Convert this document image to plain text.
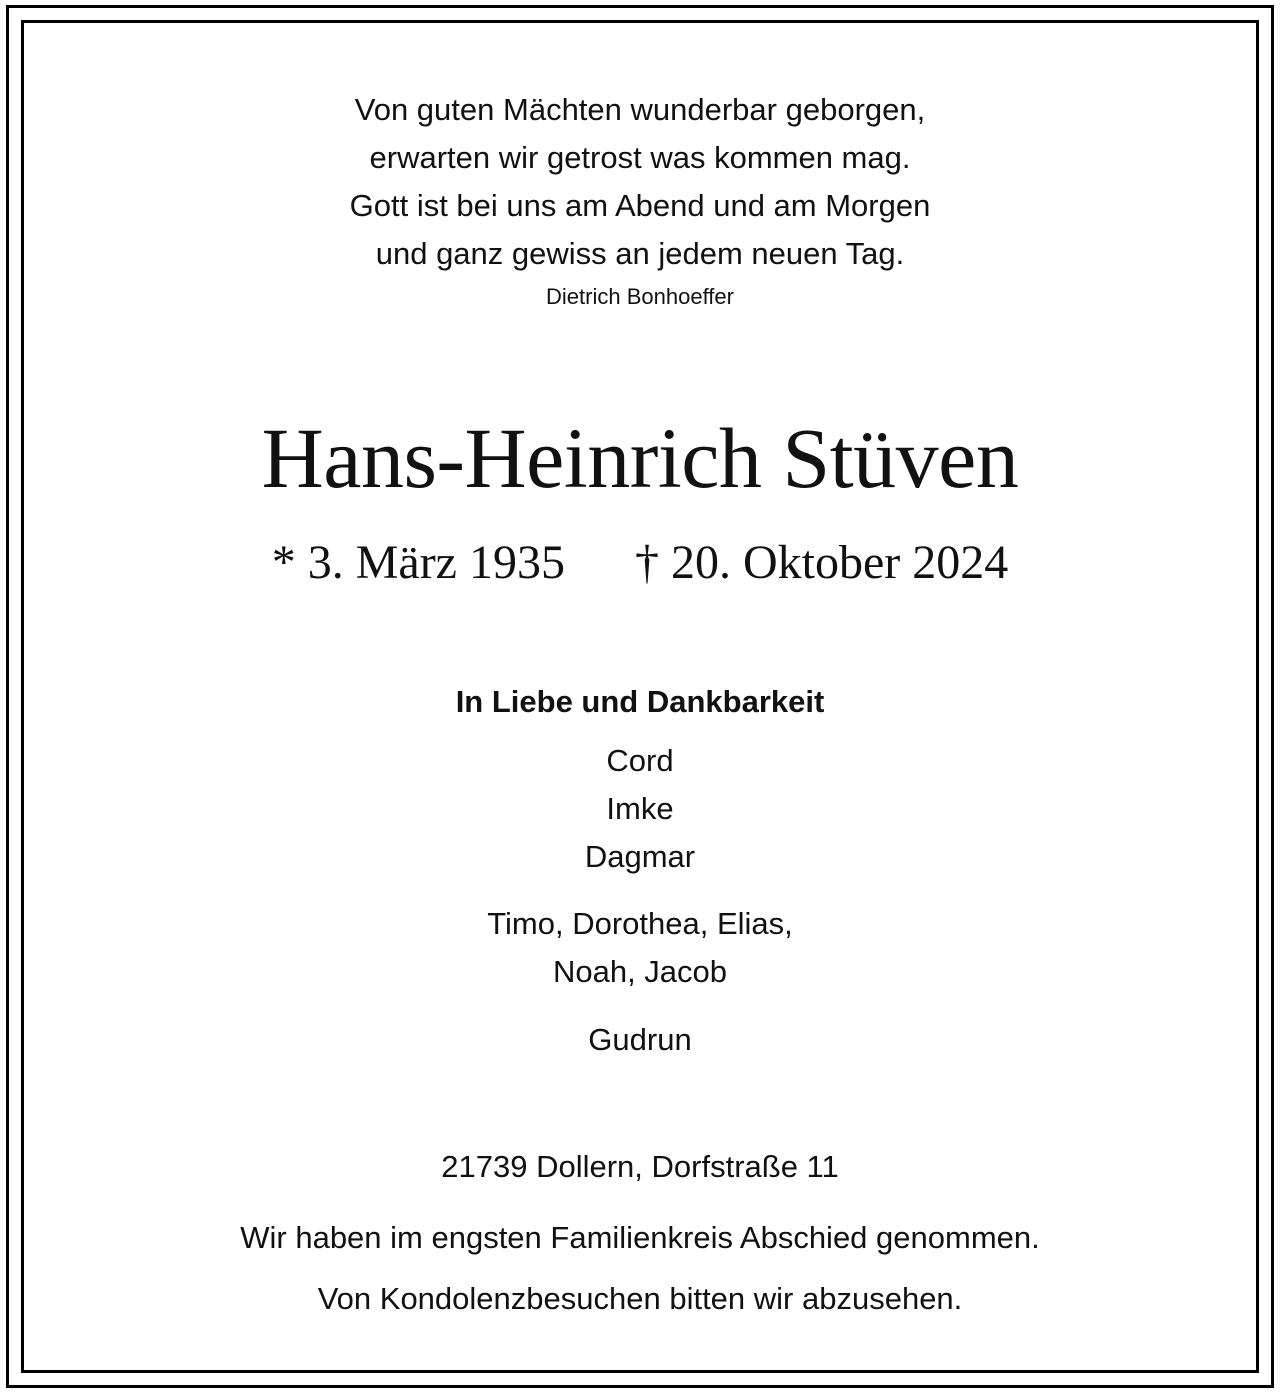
Von guten Mächten wunderbar geborgen,

erwarten wir getrost was kommen mag.

Gott ist bei uns am Abend und am Morgen

und ganz gewiss an jedem neuen Tag.

Dietrich Bonhoeffer

Hans-Heinrich Stüven

* 3. März 1935 † 20. Oktober 2024

In Liebe und Dankbarkeit

Cord

Imke

Dagmar

Timo, Dorothea, Elias,

Noah, Jacob

Gudrun

21739 Dollern, Dorfstraße 11

Wir haben im engsten Familienkreis Abschied genommen.

Von Kondolenzbesuchen bitten wir abzusehen.
